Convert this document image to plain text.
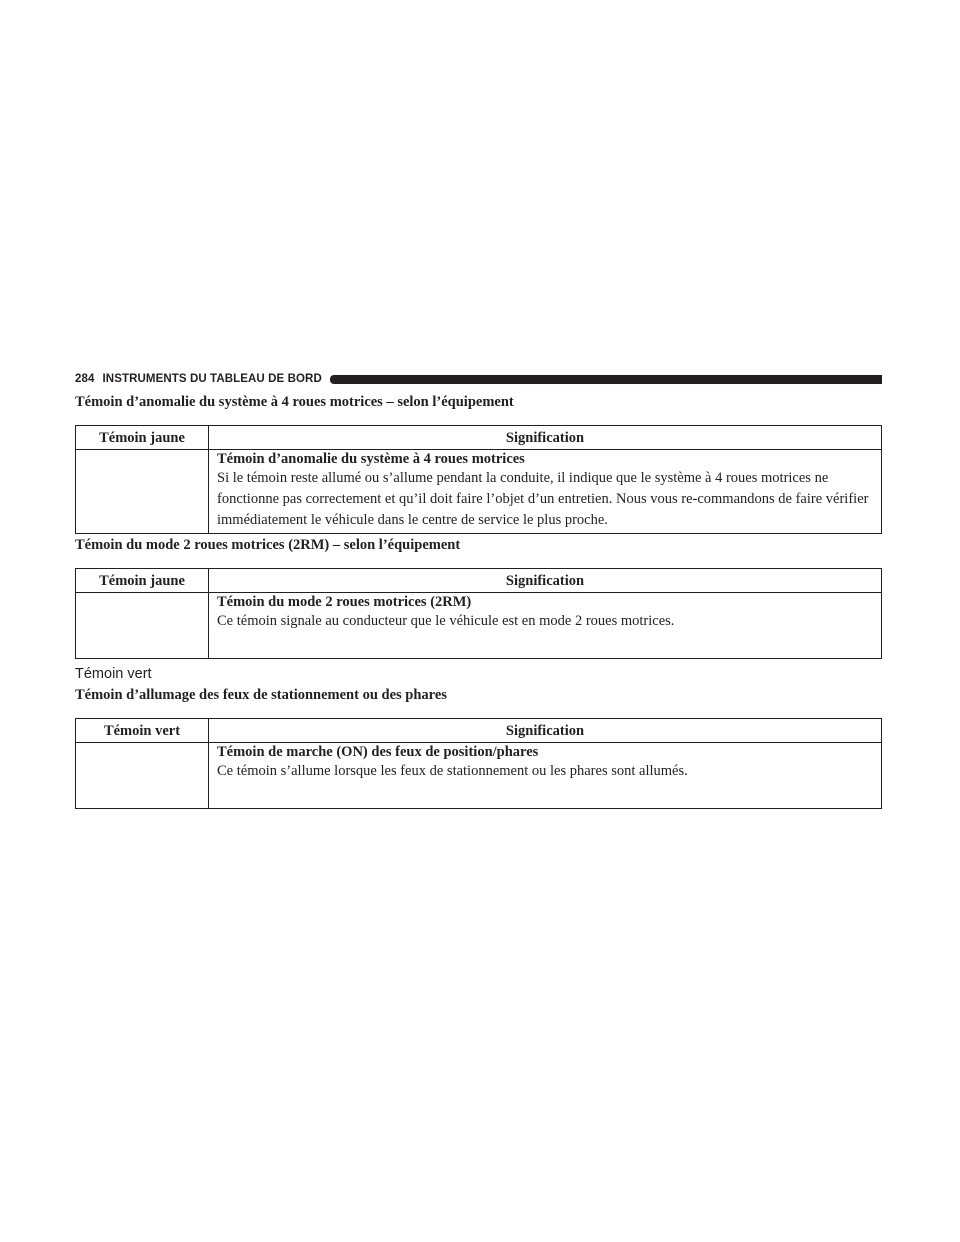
284 INSTRUMENTS DU TABLEAU DE BORD
Témoin d’anomalie du système à 4 roues motrices – selon l’équipement
Témoin jaune	Signification

	Témoin d’anomalie du système à 4 roues motrices
Si le témoin reste allumé ou s’allume pendant la conduite, il indique que le système à 4 roues motrices ne fonctionne pas correctement et qu’il doit faire l’objet d’un entretien. Nous vous re-commandons de faire vérifier immédiatement le véhicule dans le centre de service le plus proche.
Témoin du mode 2 roues motrices (2RM) – selon l’équipement
Témoin jaune	Signification

	Témoin du mode 2 roues motrices (2RM)
Ce témoin signale au conducteur que le véhicule est en mode 2 roues motrices.
Témoin vert
Témoin d’allumage des feux de stationnement ou des phares
Témoin vert	Signification

	Témoin de marche (ON) des feux de position/phares
Ce témoin s’allume lorsque les feux de stationnement ou les phares sont allumés.
